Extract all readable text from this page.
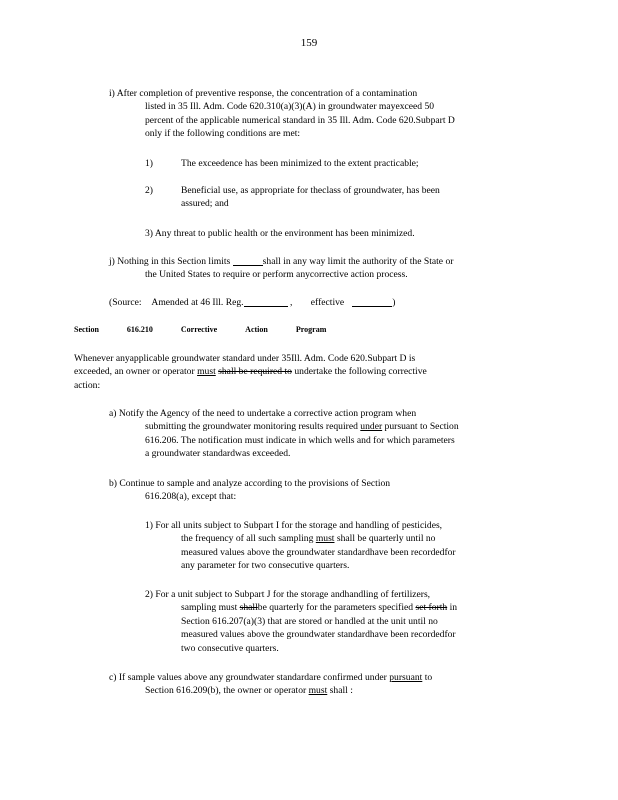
159
i) After completion of preventive response, the concentration of a contamination
listed in 35 Ill. Adm. Code 620.310(a)(3)(A) in groundwater mayexceed 50
percent of the applicable numerical standard in 35 Ill. Adm. Code 620.Subpart D
only if the following conditions are met:
1)	The exceedence has been minimized to the extent practicable;
2)	Beneficial use, as appropriate for theclass of groundwater, has been
assured; and
3) Any threat to public health or the environment has been minimized.
j) Nothing in this Section limits	shall in any way limit the authority of the State or
the United States to require or perform anycorrective action process.
(Source: Amended at 46 Ill. Reg.	, effective	)
Section	616.210	Corrective	Action	Program
Whenever anyapplicable groundwater standard under 35Ill. Adm. Code 620.Subpart D is
exceeded, an owner or operator must shall be required to undertake the following corrective
action:
a) Notify the Agency of the need to undertake a corrective action program when
submitting the groundwater monitoring results required under pursuant to Section
616.206. The notification must indicate in which wells and for which parameters
a groundwater standardwas exceeded.
b) Continue to sample and analyze according to the provisions of Section
616.208(a), except that:
1) For all units subject to Subpart I for the storage and handling of pesticides,
the frequency of all such sampling must shall be quarterly until no
measured values above the groundwater standardhave been recordedfor
any parameter for two consecutive quarters.
2) For a unit subject to Subpart J for the storage andhandling of fertilizers,
sampling must shallbe quarterly for the parameters specified set forth in
Section 616.207(a)(3) that are stored or handled at the unit until no
measured values above the groundwater standardhave been recordedfor
two consecutive quarters.
c) If sample values above any groundwater standardare confirmed under pursuant to
Section 616.209(b), the owner or operator must shall :
